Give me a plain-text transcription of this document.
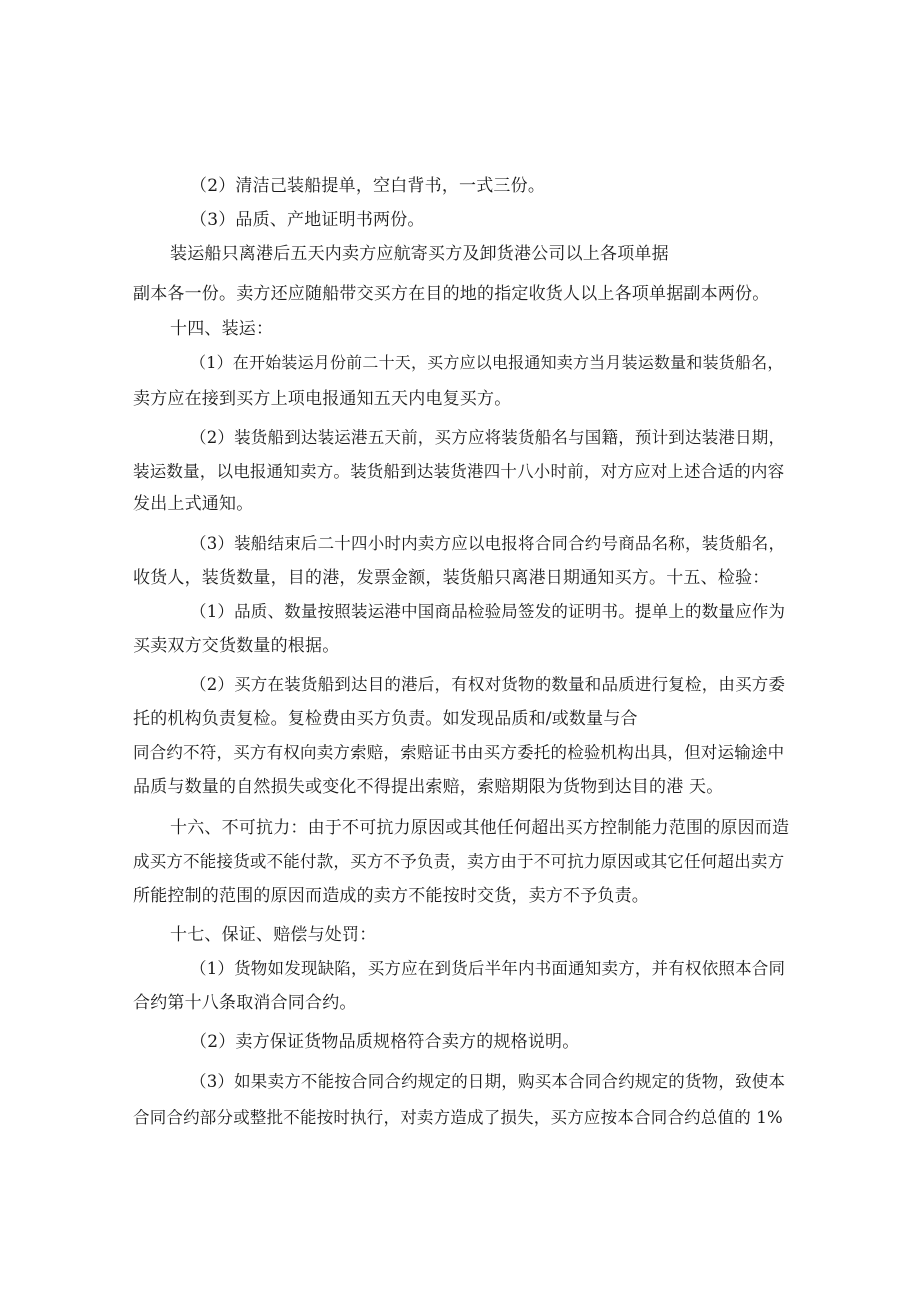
（2）清洁己装船提单，空白背书，一式三份。
（3）品质、产地证明书两份。
装运船只离港后五天内卖方应航寄买方及卸货港公司以上各项单据
副本各一份。卖方还应随船带交买方在目的地的指定收货人以上各项单据副本两份。
十四、装运：
（1）在开始装运月份前二十天，买方应以电报通知卖方当月装运数量和装货船名，
卖方应在接到买方上项电报通知五天内电复买方。
（2）装货船到达装运港五天前，买方应将装货船名与国籍，预计到达装港日期，
装运数量，以电报通知卖方。装货船到达装货港四十八小时前，对方应对上述合适的内容
发出上式通知。
（3）装船结束后二十四小时内卖方应以电报将合同合约号商品名称，装货船名，
收货人，装货数量，目的港，发票金额，装货船只离港日期通知买方。十五、检验：
（1）品质、数量按照装运港中国商品检验局签发的证明书。提单上的数量应作为
买卖双方交货数量的根据。
（2）买方在装货船到达目的港后，有权对货物的数量和品质进行复检，由买方委
托的机构负责复检。复检费由买方负责。如发现品质和/或数量与合
同合约不符，买方有权向卖方索赔，索赔证书由买方委托的检验机构出具，但对运输途中
品质与数量的自然损失或变化不得提出索赔，索赔期限为货物到达目的港 天。
十六、不可抗力：由于不可抗力原因或其他任何超出买方控制能力范围的原因而造
成买方不能接货或不能付款，买方不予负责，卖方由于不可抗力原因或其它任何超出卖方
所能控制的范围的原因而造成的卖方不能按时交货，卖方不予负责。
十七、保证、赔偿与处罚：
（1）货物如发现缺陷，买方应在到货后半年内书面通知卖方，并有权依照本合同
合约第十八条取消合同合约。
（2）卖方保证货物品质规格符合卖方的规格说明。
（3）如果卖方不能按合同合约规定的日期，购买本合同合约规定的货物，致使本
合同合约部分或整批不能按时执行，对卖方造成了损失，买方应按本合同合约总值的 1%
